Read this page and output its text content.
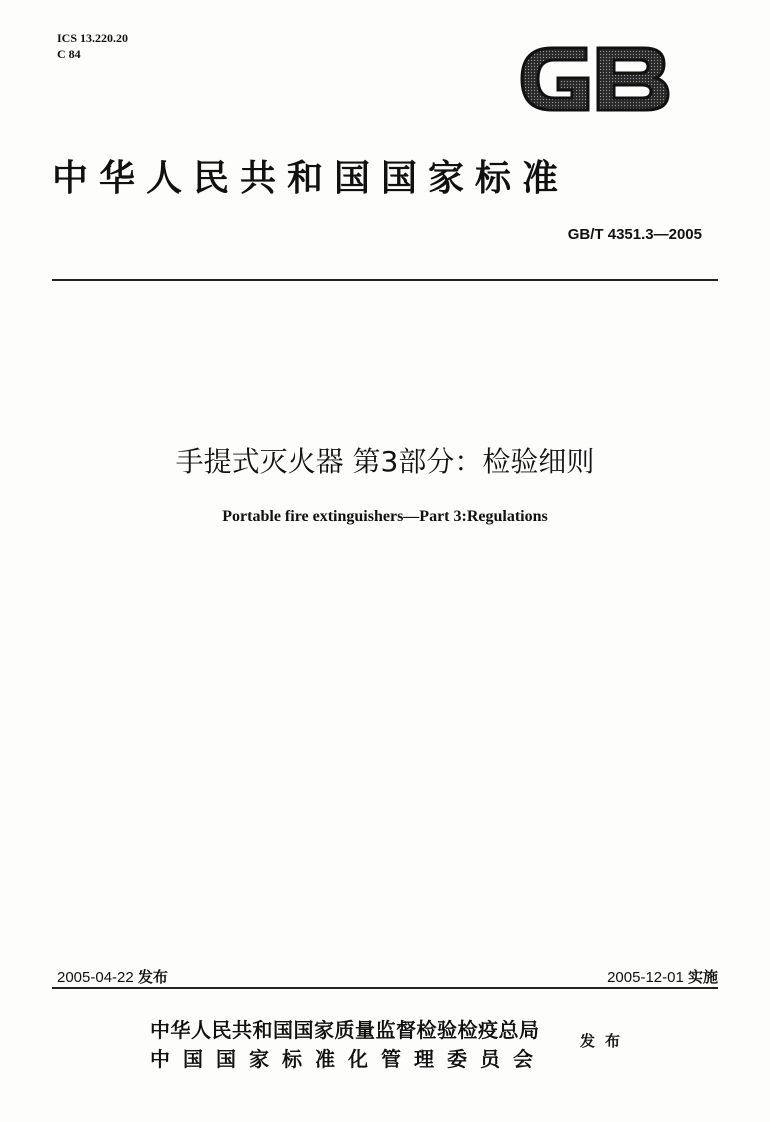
ICS 13.220.20
C 84
中华人民共和国国家标准
GB/T 4351.3—2005
手提式灭火器 第3部分：检验细则
Portable fire extinguishers—Part 3:Regulations
2005-04-22 发布	2005-12-01 实施
中华人民共和国国家质量监督检验检疫总局
中国国家标准化管理委员会
发布
